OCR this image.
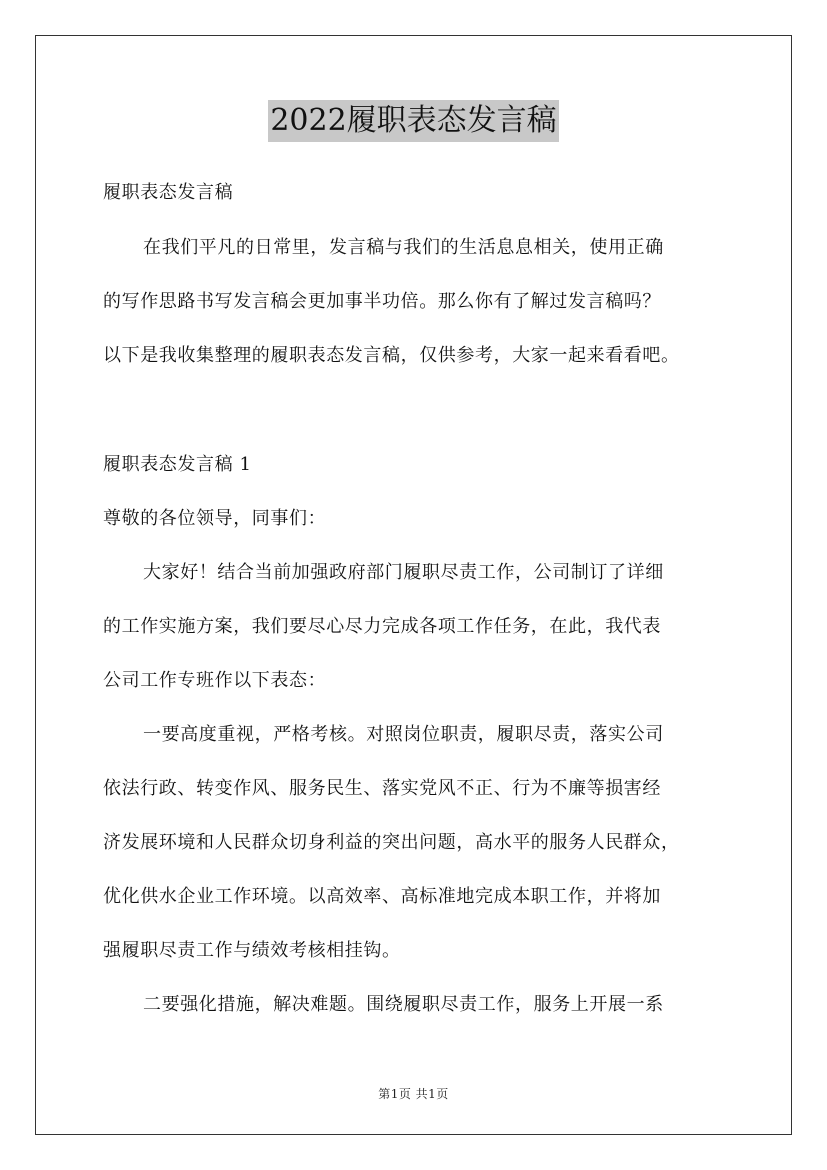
2022履职表态发言稿
履职表态发言稿
在我们平凡的日常里，发言稿与我们的生活息息相关，使用正确
的写作思路书写发言稿会更加事半功倍。那么你有了解过发言稿吗？
以下是我收集整理的履职表态发言稿，仅供参考，大家一起来看看吧。
履职表态发言稿 1
尊敬的各位领导，同事们：
大家好！结合当前加强政府部门履职尽责工作，公司制订了详细
的工作实施方案，我们要尽心尽力完成各项工作任务，在此，我代表
公司工作专班作以下表态：
一要高度重视，严格考核。对照岗位职责，履职尽责，落实公司
依法行政、转变作风、服务民生、落实党风不正、行为不廉等损害经
济发展环境和人民群众切身利益的突出问题，高水平的服务人民群众，
优化供水企业工作环境。以高效率、高标准地完成本职工作，并将加
强履职尽责工作与绩效考核相挂钩。
二要强化措施，解决难题。围绕履职尽责工作，服务上开展一系
第1页 共1页
